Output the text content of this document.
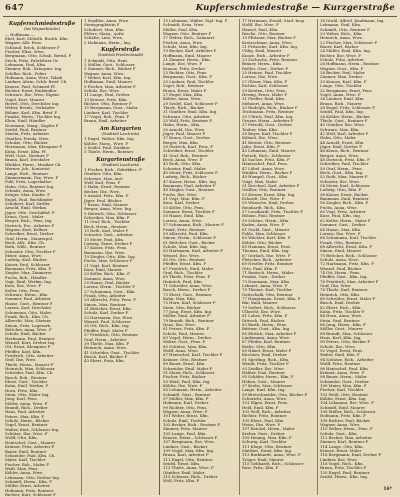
647	Kupferschmiedestraße — Kurzgerstraße
Kupferschmiedestraße
(bis Wegnerbrücke)
— Hoffmann —
Ebel, Karl, Möbelh. Buchh. Kfm.
Wagner, Alfr. Pens.
Schlund, Erich, Schlesser F
Fischer, Elise, Wwe.
Bergmann, Otto, Schnh. Bernd. F
Stech, Fritz, Fahrlehrer Gr.
Lehmann, Paul, Kfm.
Zimmer, Rob., Kriegsinv. Ing.
Schiller, Rich., Polier
Hofmann, Anna, Wwe. Tabak
Lindner, Alwin, Schlr. Brief. Ch.
Krause, Paul, Schmied Pf.
Richter, Ernst, Einhändler
Schwarz, Ilse, Wwe. Eigent.
Vogel, Kurt, Maurer
Hertel, Otto, Drechsler Ing.
Weber, Bernh., Verkäufer
Böhme, Karl, Kfm. Brief. F
Franke, Herm., Tischler Ing.
Klein, Emil, Händler
Neumann, Marg., Kupfer F
Seidel, Paul, Rentner
Martin, Fritz, Arbeiter
Günther, Frieda, Wwe.
Schulze, Otto, Bäcker
Herrmann, Max, Klempner F
Kühn, Ernst, Kfm. Pf.
Wolf, Gust., Rentner F
Braun, Karl, Drechsler
Winkler, Herm., Musiker Ch.
Werner, Joh., Kontorist
Lange, Rich., Rentner
Zimmermann, Ilse, Wwe. F
Pohl, Fritz, Lagerhalter
Hahn, Otto, Rentner Ing.
Schmitt, Anna, Wwe.
Krüger, Max, Kaufm. F
Engel, Paul, Buchbinder
Schubert, Karl, Sattler
Arnold, Emil, Werkm.
Jäger, Otto, Geschäftsf. F
Kraus, Gust., Maler
Berger, Rich., Pens. Ing.
Dietrich, Frz., Arbeiter F
Wagner, Kurt, Kellner
Schreiber, Ernst, Dreher
Graf, Herm., Maurerpol.
Beck, Alfr., Kfm. Ch.
Roth, Wilh., Rentner
Schuster, Otto, Tischler F
Meier, Anna, Wwe.
Ludwig, Karl, Bäcker
Kaiser, Paul, Schlosser
Baumann, Fritz, Kfm. F
Ziegler, Max, Zimmerer
Fuchs, Rob., Händler
Vogt, Emil, Werkm. Ing.
Kurz, Ilse, Wwe. F
Keller, Otto, Pens.
Schwarz, Herm., Kfm.
Sommer, Paul, Arbeiter
Haase, Gust., Rentner F
Lorenz, Karl, Drechsler
Schumann, Otto, Maler
Frank, Rich., Kfm. Ch.
Albrecht, Max, Gärtner
Simon, Fritz, Lagerarb.
Böttcher, Anna, Wwe. F
Schulz, Emil, Bäcker
Hartmann, Paul, Rentner
Wenzel, Kurt, Dreher Ing.
Ott, Ernst, Klempner F
Pfeiffer, Karl, Kfm.
Friedrich, Otto, Arbeiter
Graf, Ilse, Wwe.
Thiele, Herm., Maurer F
Heinrich, Max, Schlosser
Schröder, Paul, Kfm. Ch.
Busch, Rob., Rentner
Ebert, Gust., Tischler
Kuhn, Emil, Werkm. F
Horn, Fritz, Kfm.
Stein, Otto, Maler Ing.
Jung, Karl, Pens.
Möller, Anna, Wwe. F
Brandt, Rich., Dreher
Haas, Paul, Arbeiter
Peters, Max, Kfm. F
Scholz, Herm., Bäcker
Vogel, Ernst, Rentner
Walter, Kurt, Schlosser Ing.
Schütze, Ilse, Wwe. F
Wolff, Otto, Kfm.
Hentschel, Gust., Maurer
Krämer, Fritz, Arbeiter F
Bauer, Emil, Rentner
Schneider, Paul, Kfm. Ch.
Maier, Karl, Tischler
Fischer, Rob., Maler F
Weiß, Max, Pens.
Köhler, Anna, Wwe.
Lehmann, Otto, Dreher Ing.
Schmidt, Herm., Kfm. F
Müller, Ernst, Arbeiter
Hofmann, Fritz, Rentner
Richter, Kurt, Schlosser F
1 Seydlitz, Anna, Wwe.
Stenographistin F
Schubert, Max, Kfm.
Ehlers, Marg., Aufw.
Schäfer, Lina, Wwe.
2 Hofmann, Herm., Ing.
Kupferstraße
(Stadtteil Friedrichstadt)
1 Schmidt, Otto, Rent.
3 Müller, Gust., Schlosser
5 Zimmer, Rich., Bäcker F
Wagner, Anna, Wwe.
7 Weber, Karl, Kfm. Ing.
Hoffmann, Emil, Maurer
9 Fischer, Max, Arbeiter F
Schulz, Ilse, Wwe.
11 Lange, Paul, Dreher
13 Krause, Fritz, Kfm.
Richter, Otto, Rentner F
15 Bergmann, Gust., Maler
Lindner, Karl, Tischler
17 Vogel, Rob., Pens. F
Braun, Emil, Arbeiter
Am Kurgarten
(Stadtteil Loschwitz)
1 Engel, Walter, Kfm. Ing.
Köhler, Marg., Wwe. F
3 Seidel, Paul, Direktor
5 Thiele, Herm., Rentner
Kurgartenstraße
(Stadtteil Loschwitz)
1 Fischer, Rich., Fabrikbes. F
Günther, Otto, Kfm.
Schwarz, Max, Arzt
Wolf, Karl, Pens. F
3 Hahn, Ernst, Rentner
Becker, Ilse, Wwe.
5 Arnold, Fritz, Kfm. F
Jäger, Paul, Bäcker
7 Kraus, Emil, Maurer
Berger, Anna, Wwe. Ing.
9 Dietrich, Otto, Schlosser
Schreiber, Max, Kfm. F
11 Graf, Rich., Tischler
Beck, Herm., Rentner
13 Roth, Karl, Maler F
Schuster, Gust., Arbeiter
15 Meier, Paul, Kfm.
Ludwig, Ernst, Dreher F
17 Kaiser, Fritz, Pens.
Baumann, Ilse, Wwe.
19 Ziegler, Otto, Kfm. Ing.
Fuchs, Max, Schlosser F
21 Vogt, Karl, Rentner
Kurz, Emil, Maurer
23 Keller, Rich., Kfm. F
Sommer, Anna, Wwe.
25 Haase, Paul, Bäcker
Lorenz, Herm., Tischler F
27 Schumann, Gust., Kfm.
Frank, Otto, Arbeiter
29 Albrecht, Fritz, Pens. F
Simon, Max, Rentner
31 Böttcher, Ernst, Kfm.
Schulz, Karl, Dreher F
33 Hartmann, Ilse, Wwe.
Wenzel, Paul, Schlosser
35 Ott, Rich., Kfm. Ing.
Pfeiffer, Emil, Maler F
37 Friedrich, Otto, Rentner
Graf, Herm., Arbeiter
39 Thiele, Max, Kfm. F
Heinrich, Anna, Wwe.
41 Schröder, Gust., Tischler
Busch, Karl, Bäcker F
43 Ebert, Fritz, Kfm.
15 Lehmann, Walter, Dipl.-Ing. F
Schmidt, Erna, Wwe.
Müller, Paul, Kfm.
Wagner, Otto, Rentner F
17 Weber, Rich., Zahnarzt
Fischer, Anna, Wwe.
Schulz, Max, Kfm. Ing.
19 Becker, Karl, Arbeiter F
Hoffmann, Emil, Maurer
21 Zimmer, Herm., Kfm.
Lange, Ilse, Wwe. F
Krause, Fritz, Dreher
23 Richter, Otto, Pens.
Bergmann, Gust., Kfm. F
25 Lindner, Paul, Tischler
Vogel, Rob., Rentner
Braun, Ernst, Maler F
27 Engel, Max, Kfm.
Köhler, Anna, Wwe.
29 Seidel, Karl, Schlosser F
Thiele, Rich., Bäcker
31 Günther, Emil, Kfm. Ing.
Schwarz, Otto, Arbeiter
33 Wolf, Fritz, Rentner F
Hahn, Herm., Kfm.
35 Arnold, Ilse, Wwe.
Jäger, Paul, Maurer F
37 Kraus, Gust., Dreher
Berger, Max, Kfm.
39 Dietrich, Karl, Pens. F
Schreiber, Ernst, Tischler
41 Graf, Rob., Rentner
Beck, Anna, Wwe. F
43 Roth, Otto, Kfm.
Schuster, Emil, Maler
45 Meier, Fritz, Schlosser F
Ludwig, Rich., Bäcker
47 Kaiser, Herm., Kfm. Ing.
Baumann, Paul, Arbeiter F
49 Ziegler, Gust., Rentner
Fuchs, Ilse, Wwe.
51 Vogt, Max, Kfm. F
Kurz, Karl, Dreher
53 Keller, Otto, Pens.
Sommer, Ernst, Tischler F
55 Haase, Emil, Kfm.
Lorenz, Anna, Wwe.
57 Schumann, Rich., Maurer F
Frank, Fritz, Rentner
59 Albrecht, Paul, Kfm.
Simon, Herm., Schlosser F
61 Böttcher, Gust., Bäcker
Schulz, Max, Kfm. Ing.
63 Hartmann, Karl, Arbeiter F
Wenzel, Ilse, Wwe.
65 Ott, Otto, Rentner
Pfeiffer, Ernst, Kfm. F
67 Friedrich, Emil, Maler
Graf, Rich., Tischler
69 Thiele, Fritz, Pens. F
Heinrich, Paul, Kfm.
71 Schröder, Anna, Wwe.
Busch, Herm., Dreher F
73 Ebert, Gust., Rentner
Kuhn, Max, Kfm.
75 Horn, Karl, Schlosser F
Stein, Otto, Bäcker
77 Jung, Ernst, Kfm. Ing.
Möller, Emil, Arbeiter F
79 Brandt, Rich., Rentner
Haas, Ilse, Wwe.
81 Peters, Fritz, Kfm. F
Scholz, Paul, Maurer
83 Vogel, Herm., Dreher
Walter, Gust., Pens. F
85 Schütze, Max, Kfm.
Wolff, Anna, Wwe.
87 Hentschel, Karl, Tischler F
Krämer, Otto, Rentner
89 Bauer, Ernst, Kfm.
Schneider, Emil, Maler F
91 Maier, Rich., Schlosser
Fischer, Fritz, Bäcker
93 Weiß, Paul, Kfm. Ing.
Köhler, Ilse, Wwe. F
95 Lehmann, Herm., Arbeiter
Schmidt, Gust., Rentner
97 Müller, Max, Kfm. F
Hofmann, Karl, Dreher
99 Richter, Otto, Pens.
Wagner, Anna, Wwe. F
101 Weber, Ernst, Kfm.
Schulz, Emil, Tischler
103 Becker, Rich., Rentner F
Zimmer, Fritz, Maurer
105 Lange, Paul, Kfm.
Krause, Herm., Schlosser F
107 Bergmann, Ilse, Wwe.
Lindner, Gust., Bäcker
109 Vogel, Max, Kfm. Ing.
Braun, Karl, Arbeiter F
111 Engel, Otto, Rentner
Seidel, Ernst, Kfm.
113 Thiele, Anna, Wwe. F
Günther, Emil, Maler
115 Schwarz, Rich., Dreher
Wolf, Fritz, Kfm. F
17 Hermann, Ewald, Stad.-Insp.
Wolff, Ilse, Wwe. F
Hänsel, Paul, Kfm.
Reiche, Otto, Rentner
19 Pfützner, Max, Bäcker F
Kretzschmar, Anna, Wwe.
21 Fritzsche, Karl, Kfm. Ing.
Uhlig, Emil, Maurer
Kunze, Rich., Arbeiter F
23 Zschoche, Fritz, Rentner
Bräuer, Herm., Kfm.
Rößler, Gust., Dreher F
25 Heinze, Paul, Tischler
Lorenz, Ilse, Wwe.
27 Gläser, Max, Kfm. F
Eichler, Karl, Schlosser
29 Kirsten, Otto, Pens.
Hering, Ernst, Maler F
31 Fiedler, Emil, Kfm.
Mehnert, Anna, Wwe.
33 Rudolph, Rich., Bäcker F
Teichmann, Fritz, Rentner
35 Ullrich, Paul, Kfm. Ing.
Gruner, Herm., Arbeiter F
37 Petzold, Gust., Dreher
Tauber, Max, Kfm.
39 Beyer, Karl, Tischler F
Kühnel, Ilse, Wwe.
41 Börner, Otto, Rentner
Jahn, Ernst, Kfm. F
43 Lehmann, Emil, Maurer
Pietsch, Rich., Schlosser
45 Sachse, Fritz, Kfm. F
Häntzschel, Paul, Pens.
47 Löbel, Anna, Wwe.
Winkler, Herm., Bäcker F
49 Hempel, Gust., Kfm.
Voigt, Max, Maler
51 Drechsel, Karl, Arbeiter F
Geißler, Otto, Rentner
53 Körner, Ernst, Kfm. Ing.
Eckardt, Ilse, Wwe. F
55 Wünsche, Emil, Dreher
Reinhardt, Rich., Kfm.
57 Leonhardt, Fritz, Tischler F
Böhme, Paul, Rentner
59 Schöne, Herm., Kfm.
Kaden, Anna, Wwe. F
61 Grahl, Gust., Maurer
Pohle, Max, Schlosser
63 Wächter, Karl, Kfm. F
Köhler, Otto, Bäcker
65 Hamann, Ernst, Pens.
Thomas, Emil, Kfm. Ing.
67 Gerlach, Ilse, Wwe. F
Fleischer, Rich., Arbeiter
69 Nestler, Fritz, Rentner
Otto, Paul, Kfm. F
71 Rentsch, Herm., Maler
Franke, Gust., Dreher
73 Naumann, Max, Kfm.
Lehnert, Anna, Wwe. F
75 Thieme, Karl, Tischler
Gottschalk, Otto, Rentner
77 Hauptmann, Ernst, Kfm. F
Bär, Emil, Maurer
79 Seifert, Rich., Schlosser
Ulbricht, Ilse, Wwe.
81 Lohse, Fritz, Kfm. F
Dittrich, Paul, Bäcker
83 Barth, Herm., Pens.
Büttner, Gust., Kfm. Ing.
85 Ehrlich, Max, Arbeiter F
Lindemann, Anna, Wwe.
87 Pfeifer, Karl, Rentner
Rothe, Otto, Kfm.
89 Hänel, Ernst, Maler F
Kirchner, Emil, Dreher
91 Sperling, Rich., Kfm.
Wendt, Fritz, Tischler F
93 Zeidler, Ilse, Wwe.
Näther, Paul, Rentner
95 Schäfer, Herm., Kfm. F
Höhne, Gust., Maurer
97 Krebs, Max, Schlosser
Lange, Karl, Kfm. Ing.
99 Bretschneider, Otto, Bäcker F
Schuricht, Anna, Wwe.
101 Illgen, Ernst, Pens.
Held, Emil, Kfm. F
103 Wolf, Rich., Arbeiter
Richter, Fritz, Rentner
105 Ebert, Paul, Kfm.
Weise, Ilse, Wwe. F
107 Reichel, Herm., Maler
Kreher, Gust., Dreher
109 Hennig, Max, Kfm. F
Schurig, Karl, Tischler
111 Kluge, Otto, Rentner
Matthes, Ernst, Kfm. Ing.
113 Burkhardt, Anna, Wwe. F
Tröger, Emil, Maurer
115 Gebhardt, Rich., Schlosser
Rost, Fritz, Kfm. F
18 Grahl, Alfred, Kaufmann, Ing.
Lehmann, Paul, Kfm.
Schmidt, Otto, Rentner F
20 Weber, Rich., Kfm.
Heinrich, Anna, Wwe.
22 Fischer, Max, Schlosser F
Bauer, Karl, Bäcker
24 Müller, Emil, Kfm. Ing.
Richter, Ilse, Wwe. F
Schulz, Fritz, Arbeiter
26 Hoffmann, Herm., Rentner
Wagner, Gust., Kfm. F
28 Becker, Paul, Maler
Zimmer, Max, Dreher
30 Krause, Karl, Kfm. F
Lange, Otto, Tischler
32 Bergmann, Ernst, Pens.
Vogel, Anna, Wwe. F
34 Lindner, Emil, Kfm.
Braun, Rich., Maurer
36 Engel, Fritz, Schlosser F
Seidel, Paul, Kfm. Ing.
38 Köhler, Herm., Bäcker
Thiele, Gust., Rentner F
40 Günther, Ilse, Wwe.
Schwarz, Max, Kfm.
42 Wolf, Karl, Arbeiter F
Hahn, Otto, Maler
44 Arnold, Ernst, Kfm.
Jäger, Emil, Dreher F
46 Kraus, Rich., Rentner
Berger, Anna, Wwe.
48 Dietrich, Fritz, Kfm. F
Schreiber, Paul, Tischler
50 Graf, Herm., Pens.
Beck, Gust., Kfm. Ing.
52 Roth, Max, Maurer F
Schuster, Ilse, Wwe.
54 Meier, Karl, Schlosser
Ludwig, Otto, Kfm. F
56 Kaiser, Ernst, Bäcker
Baumann, Emil, Rentner
58 Ziegler, Rich., Kfm. F
Fuchs, Anna, Wwe.
60 Vogt, Fritz, Arbeiter
Kurz, Paul, Kfm. Ing.
62 Keller, Herm., Maler F
Sommer, Gust., Dreher
64 Haase, Max, Kfm.
Lorenz, Ilse, Wwe. F
66 Schumann, Karl, Tischler
Frank, Otto, Rentner
68 Albrecht, Ernst, Kfm. F
Simon, Emil, Maurer
70 Böttcher, Rich., Schlosser
Schulz, Anna, Wwe.
72 Hartmann, Fritz, Kfm. F
Wenzel, Paul, Bäcker
74 Ott, Herm., Pens.
Pfeiffer, Gust., Kfm. Ing.
76 Friedrich, Max, Arbeiter F
Graf, Ilse, Wwe.
78 Thiele, Karl, Rentner
Heinrich, Otto, Kfm.
80 Schröder, Ernst, Maler F
Busch, Emil, Dreher
82 Ebert, Rich., Kfm.
Kuhn, Fritz, Tischler F
84 Horn, Anna, Wwe.
Stein, Paul, Rentner
86 Jung, Herm., Kfm. F
Möller, Gust., Maurer
88 Brandt, Max, Schlosser
Haas, Karl, Kfm. Ing.
90 Peters, Otto, Bäcker F
Scholz, Ilse, Wwe.
92 Vogel, Ernst, Pens.
Walter, Emil, Kfm. F
94 Schütze, Rich., Arbeiter
Wolff, Fritz, Rentner
96 Hentschel, Paul, Kfm.
Krämer, Anna, Wwe. F
98 Bauer, Herm., Maler
Schneider, Gust., Dreher
100 Maier, Max, Kfm. F
Fischer, Karl, Tischler
102 Weiß, Otto, Rentner
Köhler, Ernst, Kfm. Ing.
104 Lehmann, Ilse, Wwe. F
Schmidt, Emil, Maurer
106 Müller, Rich., Schlosser
Hofmann, Fritz, Kfm. F
108 Richter, Paul, Bäcker
Wagner, Anna, Wwe.
110 Weber, Herm., Pens. F
Schulz, Gust., Kfm.
112 Becker, Max, Arbeiter
Zimmer, Karl, Rentner F
114 Lange, Otto, Kfm.
Krause, Ernst, Maler
116 Bergmann, Emil, Dreher F
Lindner, Ilse, Wwe.
118 Vogel, Rich., Kfm.
Braun, Fritz, Tischler F
120 Engel, Paul, Rentner
Seidel, Herm., Kfm. Ing.
16*
